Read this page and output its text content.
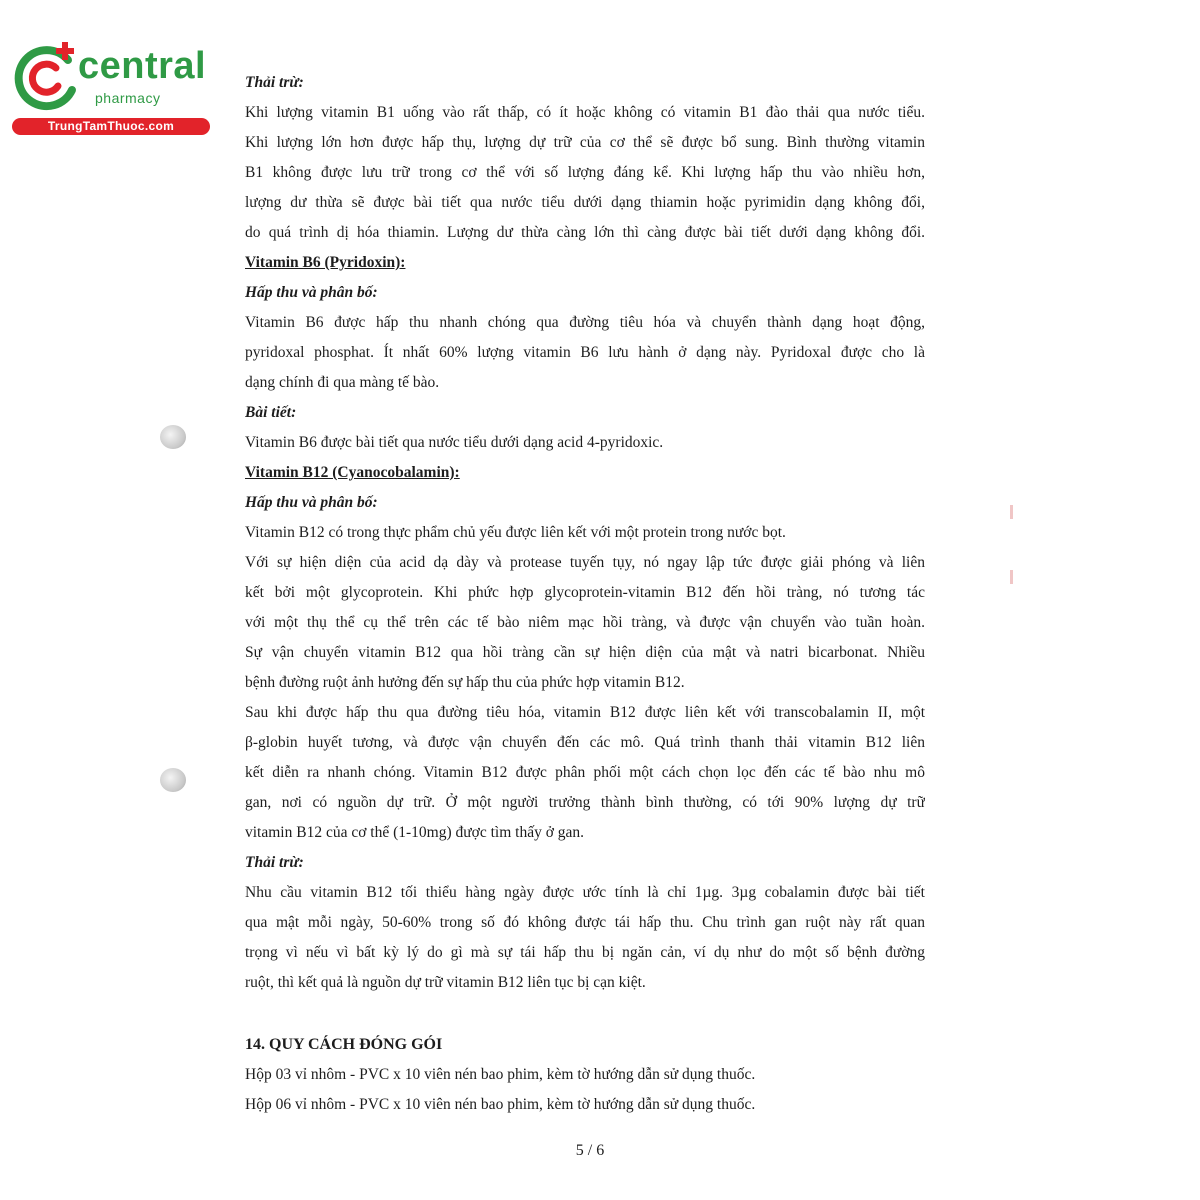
central
pharmacy
TrungTamThuoc.com
Thải trừ:
Khi lượng vitamin B1 uống vào rất thấp, có ít hoặc không có vitamin B1 đào thải qua nước tiểu.
Khi lượng lớn hơn được hấp thụ, lượng dự trữ của cơ thể sẽ được bổ sung. Bình thường vitamin
B1 không được lưu trữ trong cơ thể với số lượng đáng kể. Khi lượng hấp thu vào nhiều hơn,
lượng dư thừa sẽ được bài tiết qua nước tiểu dưới dạng thiamin hoặc pyrimidin dạng không đổi,
do quá trình dị hóa thiamin. Lượng dư thừa càng lớn thì càng được bài tiết dưới dạng không đổi.
Vitamin B6 (Pyridoxin):
Hấp thu và phân bố:
Vitamin B6 được hấp thu nhanh chóng qua đường tiêu hóa và chuyển thành dạng hoạt động,
pyridoxal phosphat. Ít nhất 60% lượng vitamin B6 lưu hành ở dạng này. Pyridoxal được cho là
dạng chính đi qua màng tế bào.
Bài tiết:
Vitamin B6 được bài tiết qua nước tiểu dưới dạng acid 4-pyridoxic.
Vitamin B12 (Cyanocobalamin):
Hấp thu và phân bố:
Vitamin B12 có trong thực phẩm chủ yếu được liên kết với một protein trong nước bọt.
Với sự hiện diện của acid dạ dày và protease tuyến tụy, nó ngay lập tức được giải phóng và liên
kết bởi một glycoprotein. Khi phức hợp glycoprotein-vitamin B12 đến hồi tràng, nó tương tác
với một thụ thể cụ thể trên các tế bào niêm mạc hồi tràng, và được vận chuyển vào tuần hoàn.
Sự vận chuyển vitamin B12 qua hồi tràng cần sự hiện diện của mật và natri bicarbonat. Nhiều
bệnh đường ruột ảnh hưởng đến sự hấp thu của phức hợp vitamin B12.
Sau khi được hấp thu qua đường tiêu hóa, vitamin B12 được liên kết với transcobalamin II, một
β-globin huyết tương, và được vận chuyển đến các mô. Quá trình thanh thải vitamin B12 liên
kết diễn ra nhanh chóng. Vitamin B12 được phân phối một cách chọn lọc đến các tế bào nhu mô
gan, nơi có nguồn dự trữ. Ở một người trưởng thành bình thường, có tới 90% lượng dự trữ
vitamin B12 của cơ thể (1-10mg) được tìm thấy ở gan.
Thải trừ:
Nhu cầu vitamin B12 tối thiểu hàng ngày được ước tính là chỉ 1µg. 3µg cobalamin được bài tiết
qua mật mỗi ngày, 50-60% trong số đó không được tái hấp thu. Chu trình gan ruột này rất quan
trọng vì nếu vì bất kỳ lý do gì mà sự tái hấp thu bị ngăn cản, ví dụ như do một số bệnh đường
ruột, thì kết quả là nguồn dự trữ vitamin B12 liên tục bị cạn kiệt.
14. QUY CÁCH ĐÓNG GÓI
Hộp 03 vỉ nhôm - PVC x 10 viên nén bao phim, kèm tờ hướng dẫn sử dụng thuốc.
Hộp 06 vỉ nhôm - PVC x 10 viên nén bao phim, kèm tờ hướng dẫn sử dụng thuốc.
5 / 6
